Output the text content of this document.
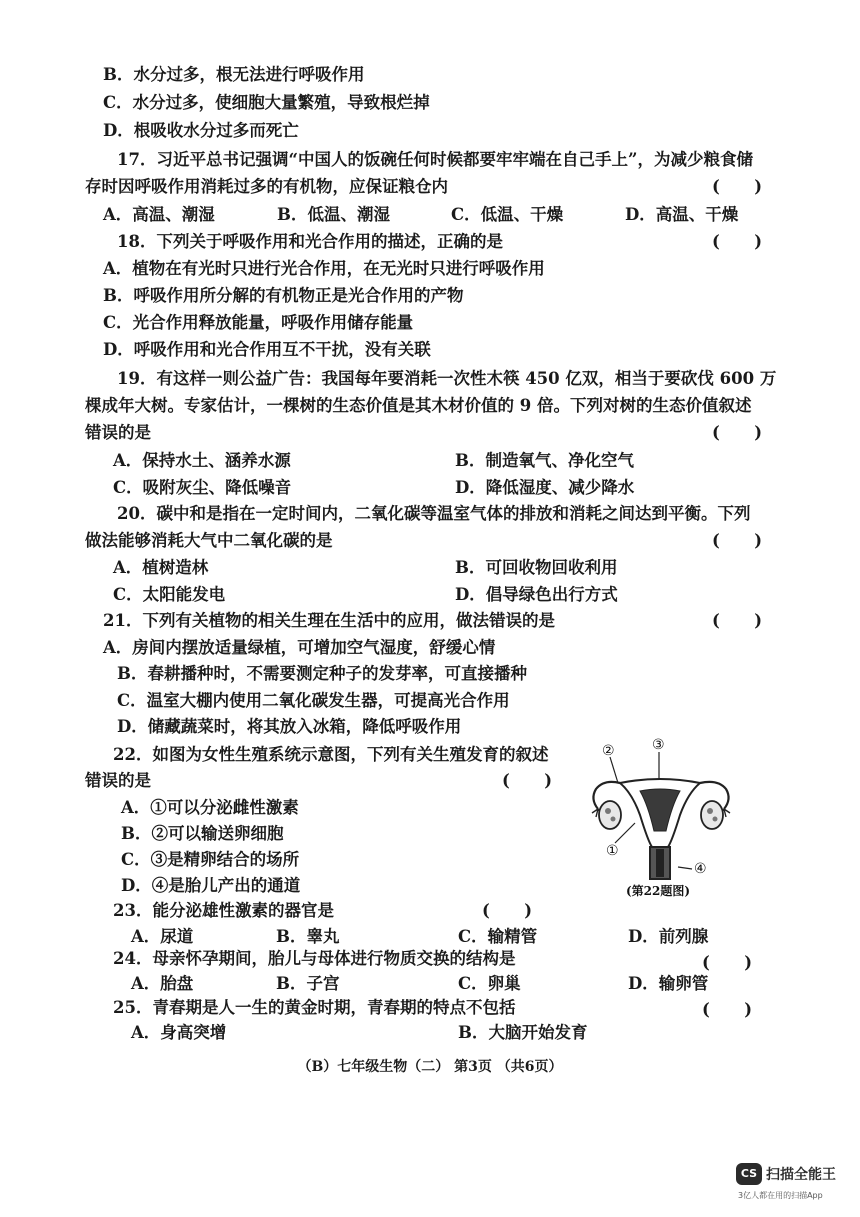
B．水分过多，根无法进行呼吸作用
C．水分过多，使细胞大量繁殖，导致根烂掉
D．根吸收水分过多而死亡
17．习近平总书记强调“中国人的饭碗任何时候都要牢牢端在自己手上”，为减少粮食储
存时因呼吸作用消耗过多的有机物，应保证粮仓内	(      )
A．高温、潮湿	B．低温、潮湿	C．低温、干燥	D．高温、干燥
18．下列关于呼吸作用和光合作用的描述，正确的是	(      )
A．植物在有光时只进行光合作用，在无光时只进行呼吸作用
B．呼吸作用所分解的有机物正是光合作用的产物
C．光合作用释放能量，呼吸作用储存能量
D．呼吸作用和光合作用互不干扰，没有关联
19．有这样一则公益广告：我国每年要消耗一次性木筷 450 亿双，相当于要砍伐 600 万
棵成年大树。专家估计，一棵树的生态价值是其木材价值的 9 倍。下列对树的生态价值叙述
错误的是	(      )
A．保持水土、涵养水源	B．制造氧气、净化空气
C．吸附灰尘、降低噪音	D．降低湿度、减少降水
20．碳中和是指在一定时间内，二氧化碳等温室气体的排放和消耗之间达到平衡。下列
做法能够消耗大气中二氧化碳的是	(      )
A．植树造林	B．可回收物回收利用
C．太阳能发电	D．倡导绿色出行方式
21．下列有关植物的相关生理在生活中的应用，做法错误的是	(      )
A．房间内摆放适量绿植，可增加空气湿度，舒缓心情
B．春耕播种时，不需要测定种子的发芽率，可直接播种
C．温室大棚内使用二氧化碳发生器，可提高光合作用
D．储藏蔬菜时，将其放入冰箱，降低呼吸作用
22．如图为女性生殖系统示意图，下列有关生殖发育的叙述
错误的是	(      )
A．①可以分泌雌性激素
B．②可以输送卵细胞
C．③是精卵结合的场所
D．④是胎儿产出的通道
23．能分泌雄性激素的器官是	(      )
A．尿道	B．睾丸	C．输精管	D．前列腺
24．母亲怀孕期间，胎儿与母体进行物质交换的结构是	(      )
A．胎盘	B．子宫	C．卵巢	D．输卵管
25．青春期是人一生的黄金时期，青春期的特点不包括	(      )
A．身高突增	B．大脑开始发育
②	③
①
④
(第22题图)
（B）七年级生物（二） 第3页 （共6页）
CS 扫描全能王
3亿人都在用的扫描App
